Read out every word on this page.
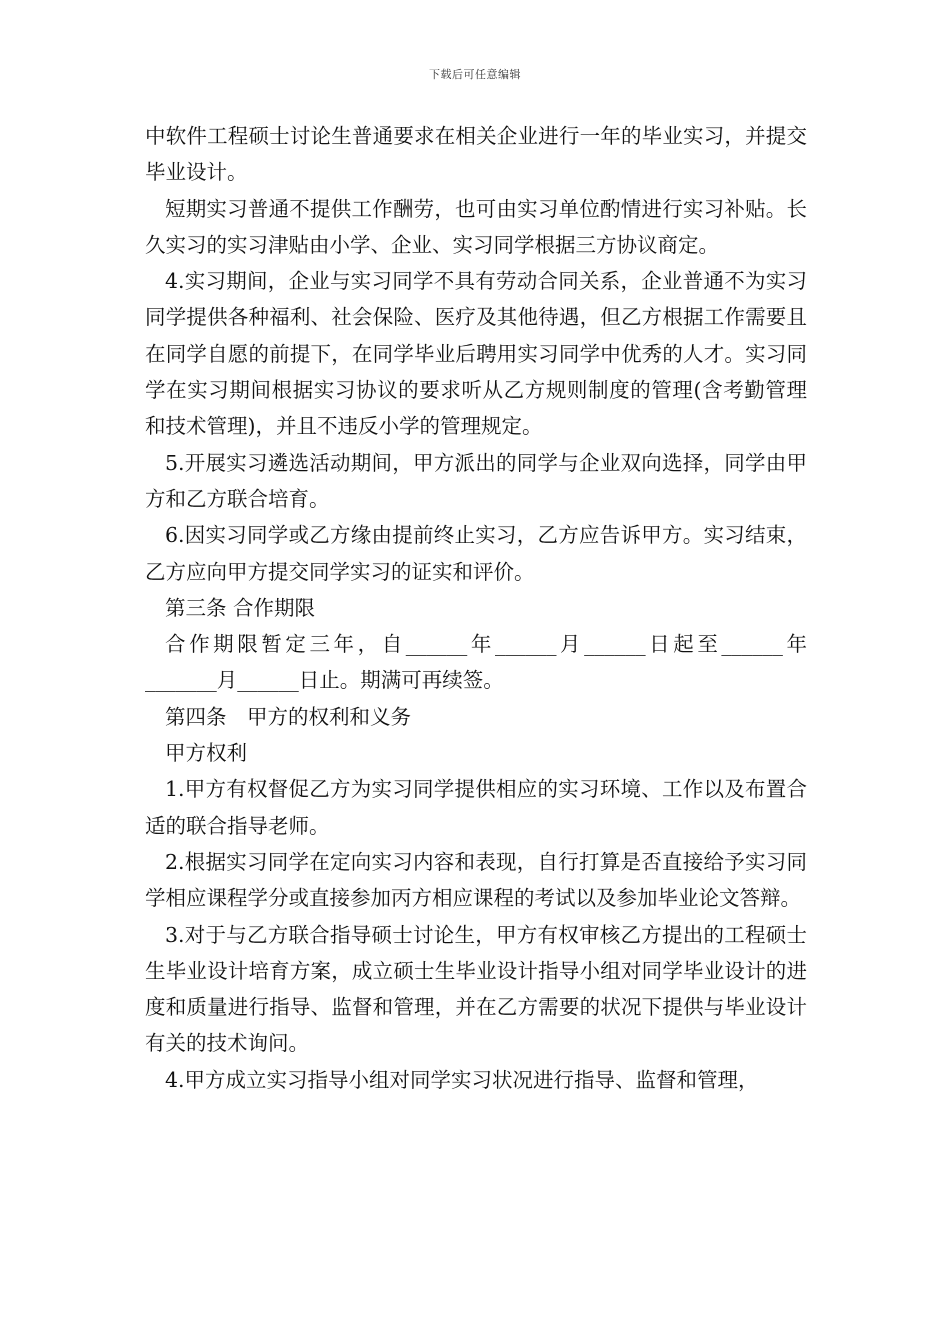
下载后可任意编辑

中软件工程硕士讨论生普通要求在相关企业进行一年的毕业实习，并提交毕业设计。

短期实习普通不提供工作酬劳，也可由实习单位酌情进行实习补贴。长久实习的实习津贴由小学、企业、实习同学根据三方协议商定。

4.实习期间，企业与实习同学不具有劳动合同关系，企业普通不为实习同学提供各种福利、社会保险、医疗及其他待遇，但乙方根据工作需要且在同学自愿的前提下，在同学毕业后聘用实习同学中优秀的人才。实习同学在实习期间根据实习协议的要求听从乙方规则制度的管理(含考勤管理和技术管理)，并且不违反小学的管理规定。

5.开展实习遴选活动期间，甲方派出的同学与企业双向选择，同学由甲方和乙方联合培育。

6.因实习同学或乙方缘由提前终止实习，乙方应告诉甲方。实习结束，乙方应向甲方提交同学实习的证实和评价。

第三条 合作期限

合作期限暂定三年，自______年______月______日起至______年_______月______日止。期满可再续签。

第四条　甲方的权利和义务

甲方权利

1.甲方有权督促乙方为实习同学提供相应的实习环境、工作以及布置合适的联合指导老师。

2.根据实习同学在定向实习内容和表现，自行打算是否直接给予实习同学相应课程学分或直接参加丙方相应课程的考试以及参加毕业论文答辩。

3.对于与乙方联合指导硕士讨论生，甲方有权审核乙方提出的工程硕士生毕业设计培育方案，成立硕士生毕业设计指导小组对同学毕业设计的进度和质量进行指导、监督和管理，并在乙方需要的状况下提供与毕业设计有关的技术询问。

4.甲方成立实习指导小组对同学实习状况进行指导、监督和管理，
